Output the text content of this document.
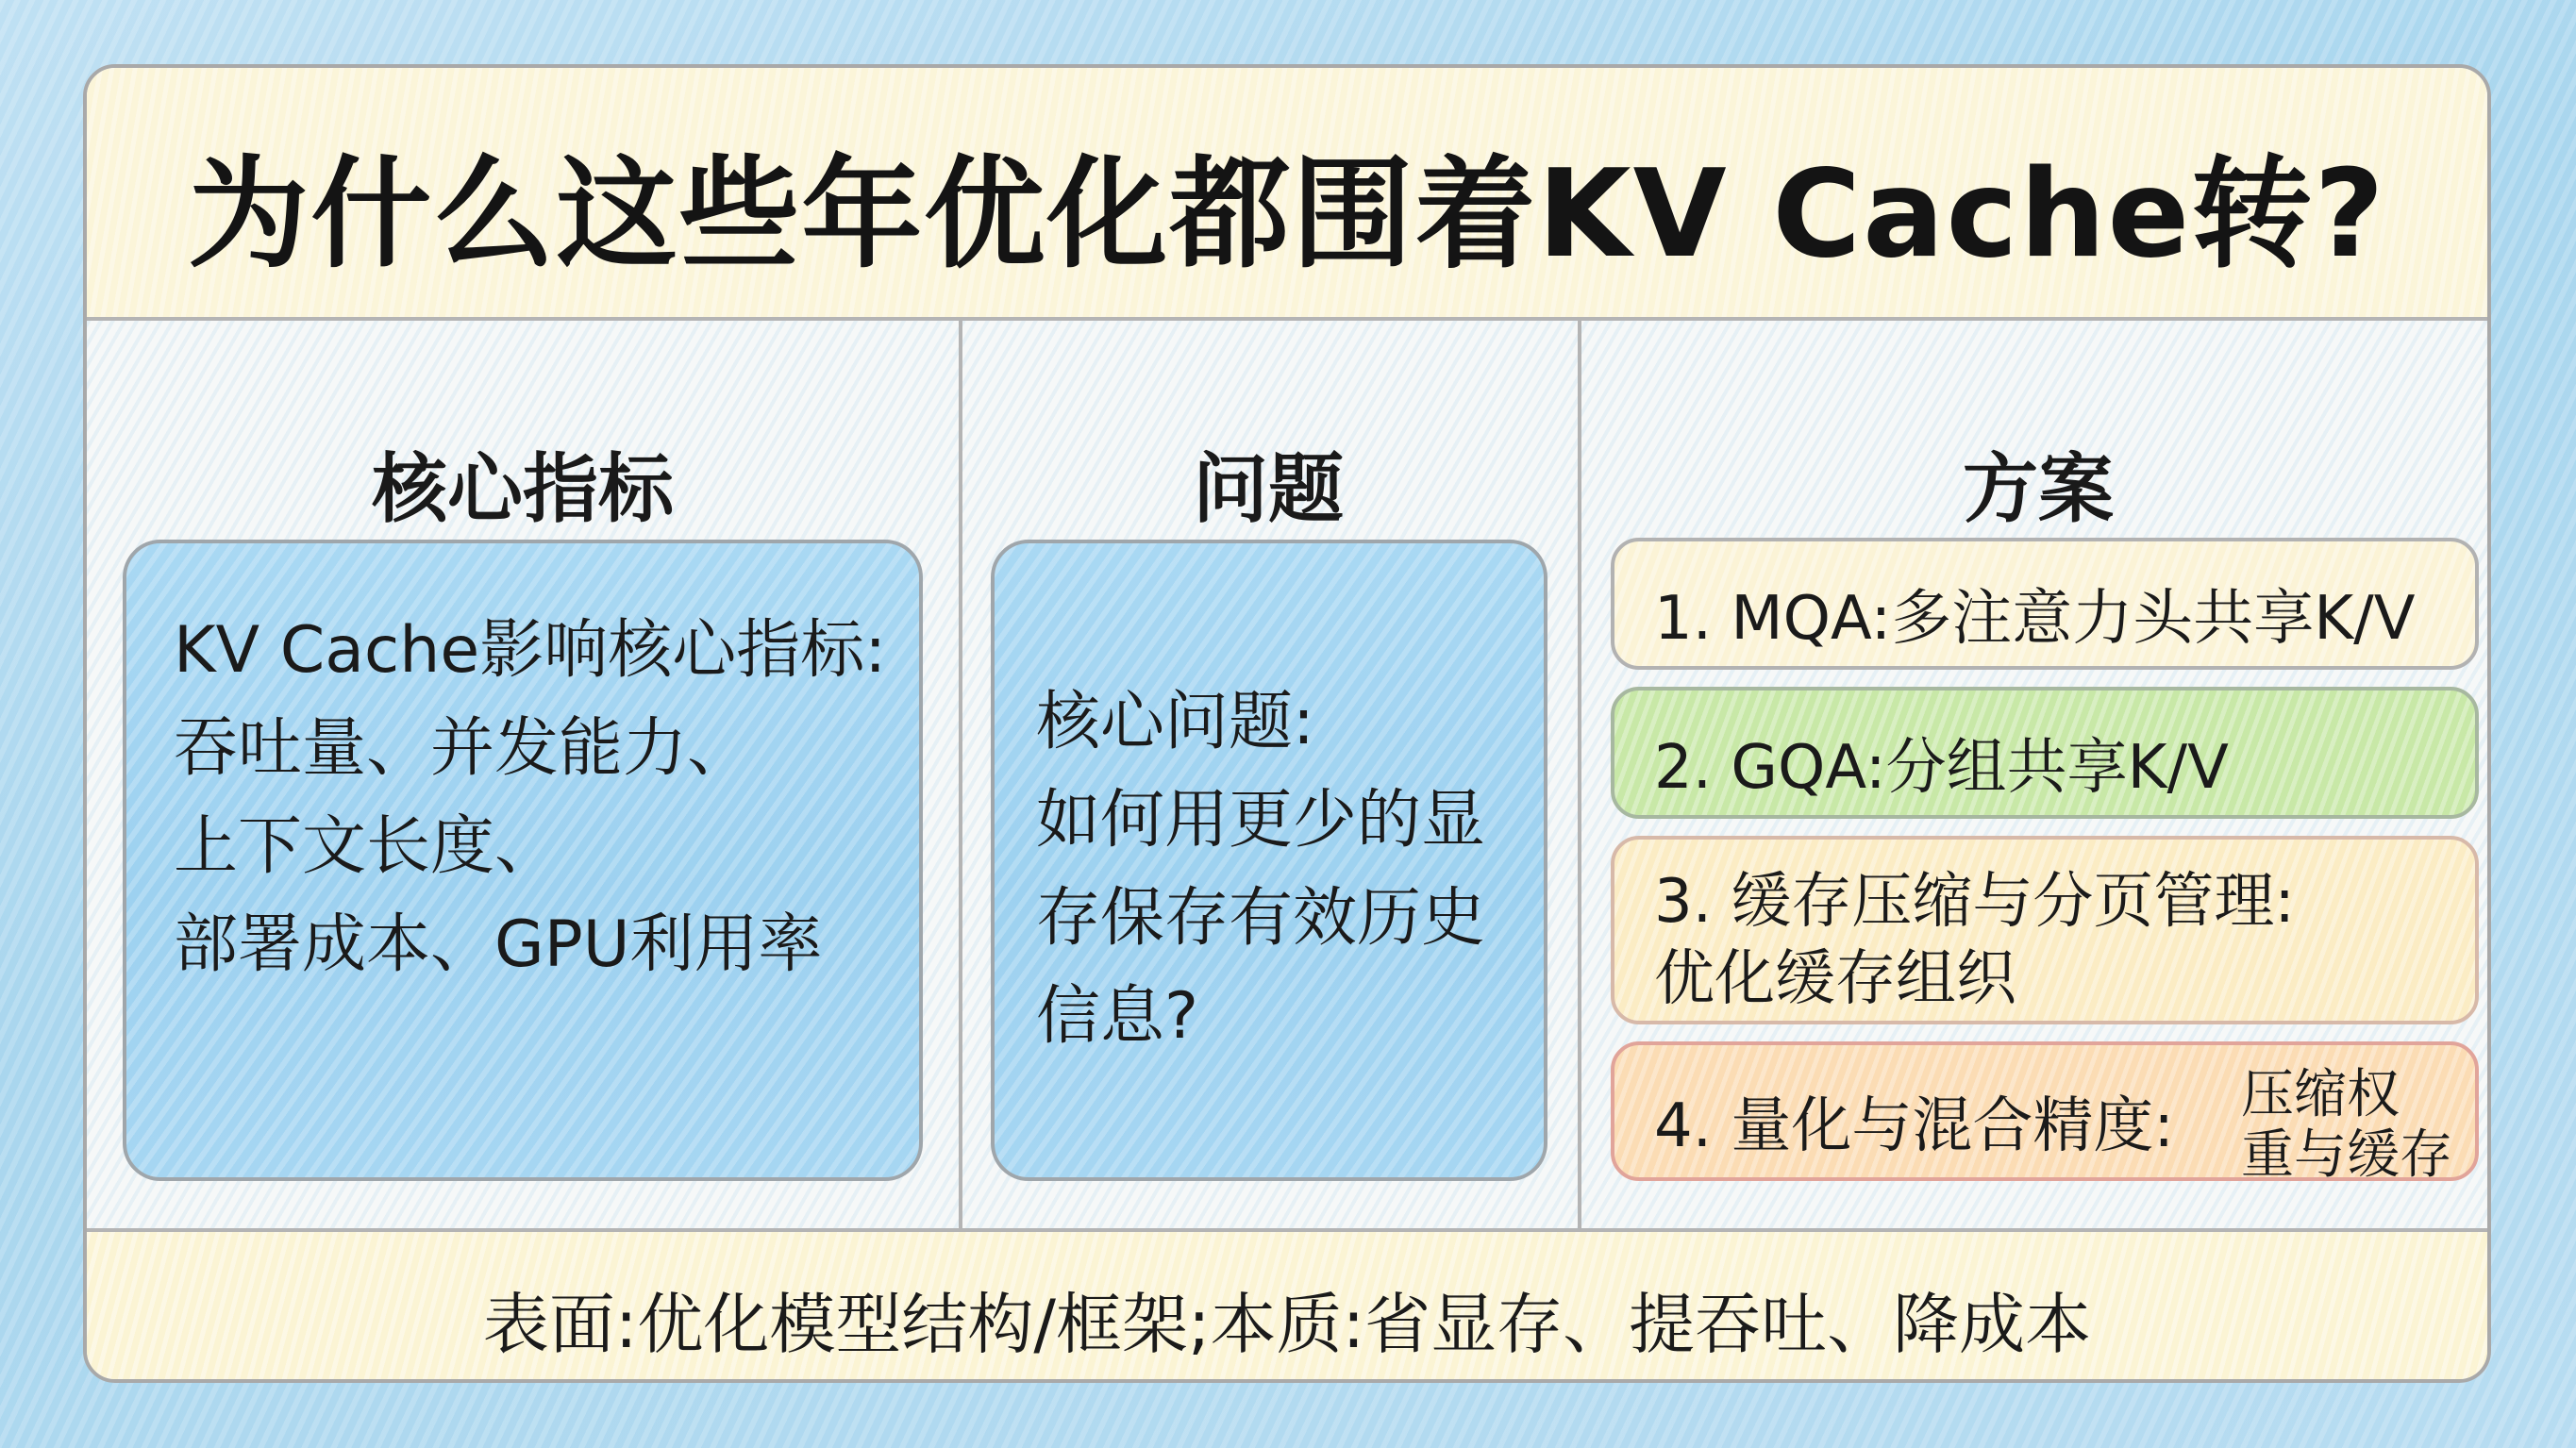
为什么这些年优化都围着KV Cache转?
核心指标
KV Cache影响核心指标:
吞吐量、并发能力、
上下文长度、
部署成本、GPU利用率
问题
核心问题:
如何用更少的显
存保存有效历史
信息?
方案
1. MQA:多注意力头共享K/V
2. GQA:分组共享K/V
3. 缓存压缩与分页管理:
优化缓存组织
4. 量化与混合精度: 压缩权
重与缓存
表面:优化模型结构/框架;本质:省显存、提吞吐、降成本
